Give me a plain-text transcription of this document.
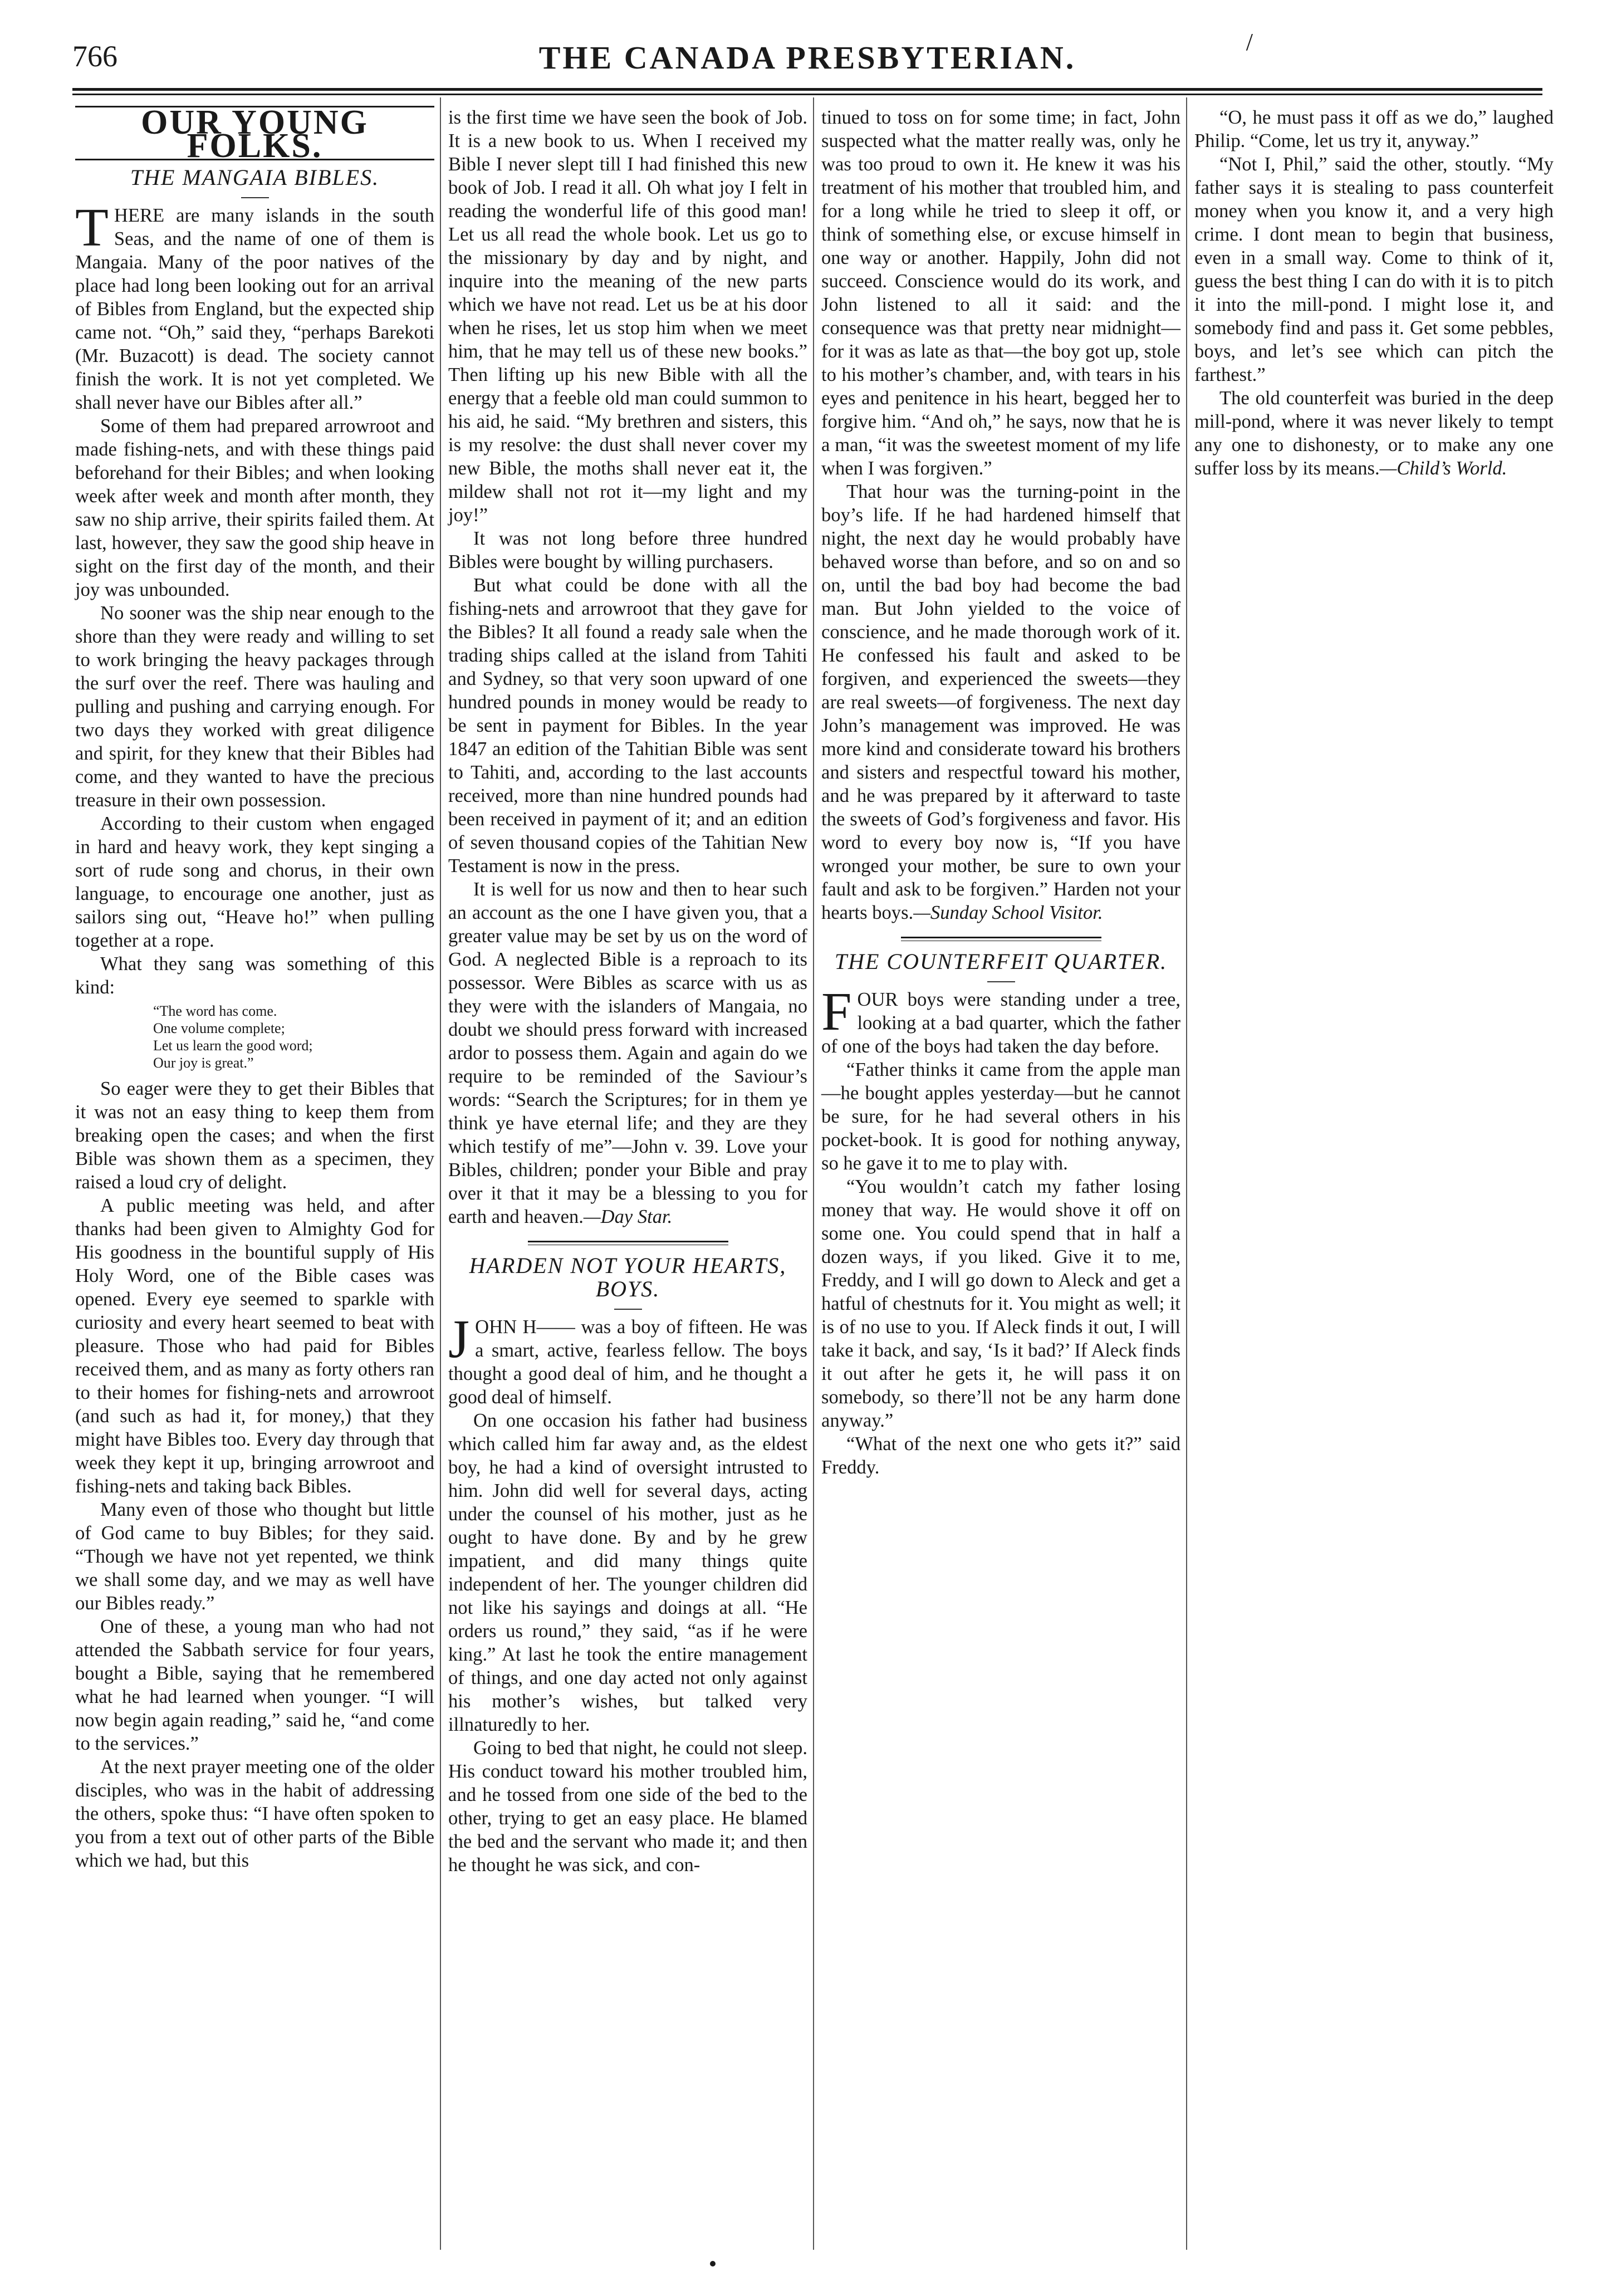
766	THE CANADA PRESBYTERIAN.	/
OUR YOUNG FOLKS.
THE MANGAIA BIBLES.

THERE are many islands in the south Seas, and the name of one of them is Mangaia. Many of the poor natives of the place had long been looking out for an arrival of Bibles from England, but the expected ship came not. “Oh,” said they, “perhaps Barekoti (Mr. Buzacott) is dead. The society cannot finish the work. It is not yet completed. We shall never have our Bibles after all.”

Some of them had prepared arrowroot and made fishing-nets, and with these things paid beforehand for their Bibles; and when looking week after week and month after month, they saw no ship arrive, their spirits failed them. At last, however, they saw the good ship heave in sight on the first day of the month, and their joy was unbounded.

No sooner was the ship near enough to the shore than they were ready and willing to set to work bringing the heavy packages through the surf over the reef. There was hauling and pulling and pushing and carrying enough. For two days they worked with great diligence and spirit, for they knew that their Bibles had come, and they wanted to have the precious treasure in their own possession.

According to their custom when engaged in hard and heavy work, they kept singing a sort of rude song and chorus, in their own language, to encourage one another, just as sailors sing out, “Heave ho!” when pulling together at a rope.

What they sang was something of this kind:

“The word has come.
One volume complete;
Let us learn the good word;
Our joy is great.”

So eager were they to get their Bibles that it was not an easy thing to keep them from breaking open the cases; and when the first Bible was shown them as a specimen, they raised a loud cry of delight.

A public meeting was held, and after thanks had been given to Almighty God for His goodness in the bountiful supply of His Holy Word, one of the Bible cases was opened. Every eye seemed to sparkle with curiosity and every heart seemed to beat with pleasure. Those who had paid for Bibles received them, and as many as forty others ran to their homes for fishing-nets and arrowroot (and such as had it, for money,) that they might have Bibles too. Every day through that week they kept it up, bringing arrowroot and fishing-nets and taking back Bibles.

Many even of those who thought but little of God came to buy Bibles; for they said. “Though we have not yet repented, we think we shall some day, and we may as well have our Bibles ready.”

One of these, a young man who had not attended the Sabbath service for four years, bought a Bible, saying that he remembered what he had learned when younger. “I will now begin again reading,” said he, “and come to the services.”

At the next prayer meeting one of the older disciples, who was in the habit of addressing the others, spoke thus: “I have often spoken to you from a text out of other parts of the Bible which we had, but this

is the first time we have seen the book of Job. It is a new book to us. When I received my Bible I never slept till I had finished this new book of Job. I read it all. Oh what joy I felt in reading the wonderful life of this good man! Let us all read the whole book. Let us go to the missionary by day and by night, and inquire into the meaning of the new parts which we have not read. Let us be at his door when he rises, let us stop him when we meet him, that he may tell us of these new books.” Then lifting up his new Bible with all the energy that a feeble old man could summon to his aid, he said. “My brethren and sisters, this is my resolve: the dust shall never cover my new Bible, the moths shall never eat it, the mildew shall not rot it—my light and my joy!”

It was not long before three hundred Bibles were bought by willing purchasers.

But what could be done with all the fishing-nets and arrowroot that they gave for the Bibles? It all found a ready sale when the trading ships called at the island from Tahiti and Sydney, so that very soon upward of one hundred pounds in money would be ready to be sent in payment for Bibles. In the year 1847 an edition of the Tahitian Bible was sent to Tahiti, and, according to the last accounts received, more than nine hundred pounds had been received in payment of it; and an edition of seven thousand copies of the Tahitian New Testament is now in the press.

It is well for us now and then to hear such an account as the one I have given you, that a greater value may be set by us on the word of God. A neglected Bible is a reproach to its possessor. Were Bibles as scarce with us as they were with the islanders of Mangaia, no doubt we should press forward with increased ardor to possess them. Again and again do we require to be reminded of the Saviour’s words: “Search the Scriptures; for in them ye think ye have eternal life; and they are they which testify of me”—John v. 39. Love your Bibles, children; ponder your Bible and pray over it that it may be a blessing to you for earth and heaven.—Day Star.

HARDEN NOT YOUR HEARTS, BOYS.

JOHN H—— was a boy of fifteen. He was a smart, active, fearless fellow. The boys thought a good deal of him, and he thought a good deal of himself.

On one occasion his father had business which called him far away and, as the eldest boy, he had a kind of oversight intrusted to him. John did well for several days, acting under the counsel of his mother, just as he ought to have done. By and by he grew impatient, and did many things quite independent of her. The younger children did not like his sayings and doings at all. “He orders us round,” they said, “as if he were king.” At last he took the entire management of things, and one day acted not only against his mother’s wishes, but talked very illnaturedly to her.

Going to bed that night, he could not sleep. His conduct toward his mother troubled him, and he tossed from one side of the bed to the other, trying to get an easy place. He blamed the bed and the servant who made it; and then he thought he was sick, and con-

tinued to toss on for some time; in fact, John suspected what the matter really was, only he was too proud to own it. He knew it was his treatment of his mother that troubled him, and for a long while he tried to sleep it off, or think of something else, or excuse himself in one way or another. Happily, John did not succeed. Conscience would do its work, and John listened to all it said: and the consequence was that pretty near midnight—for it was as late as that—the boy got up, stole to his mother’s chamber, and, with tears in his eyes and penitence in his heart, begged her to forgive him. “And oh,” he says, now that he is a man, “it was the sweetest moment of my life when I was forgiven.”

That hour was the turning-point in the boy’s life. If he had hardened himself that night, the next day he would probably have behaved worse than before, and so on and so on, until the bad boy had become the bad man. But John yielded to the voice of conscience, and he made thorough work of it. He confessed his fault and asked to be forgiven, and experienced the sweets—they are real sweets—of forgiveness. The next day John’s management was improved. He was more kind and considerate toward his brothers and sisters and respectful toward his mother, and he was prepared by it afterward to taste the sweets of God’s forgiveness and favor. His word to every boy now is, “If you have wronged your mother, be sure to own your fault and ask to be forgiven.” Harden not your hearts boys.—Sunday School Visitor.

THE COUNTERFEIT QUARTER.

FOUR boys were standing under a tree, looking at a bad quarter, which the father of one of the boys had taken the day before.

“Father thinks it came from the apple man—he bought apples yesterday—but he cannot be sure, for he had several others in his pocket-book. It is good for nothing anyway, so he gave it to me to play with.

“You wouldn’t catch my father losing money that way. He would shove it off on some one. You could spend that in half a dozen ways, if you liked. Give it to me, Freddy, and I will go down to Aleck and get a hatful of chestnuts for it. You might as well; it is of no use to you. If Aleck finds it out, I will take it back, and say, ‘Is it bad?’ If Aleck finds it out after he gets it, he will pass it on somebody, so there’ll not be any harm done anyway.”

“What of the next one who gets it?” said Freddy.

“O, he must pass it off as we do,” laughed Philip. “Come, let us try it, anyway.”

“Not I, Phil,” said the other, stoutly. “My father says it is stealing to pass counterfeit money when you know it, and a very high crime. I dont mean to begin that business, even in a small way. Come to think of it, guess the best thing I can do with it is to pitch it into the mill-pond. I might lose it, and somebody find and pass it. Get some pebbles, boys, and let’s see which can pitch the farthest.”

The old counterfeit was buried in the deep mill-pond, where it was never likely to tempt any one to dishonesty, or to make any one suffer loss by its means.—Child’s World.
